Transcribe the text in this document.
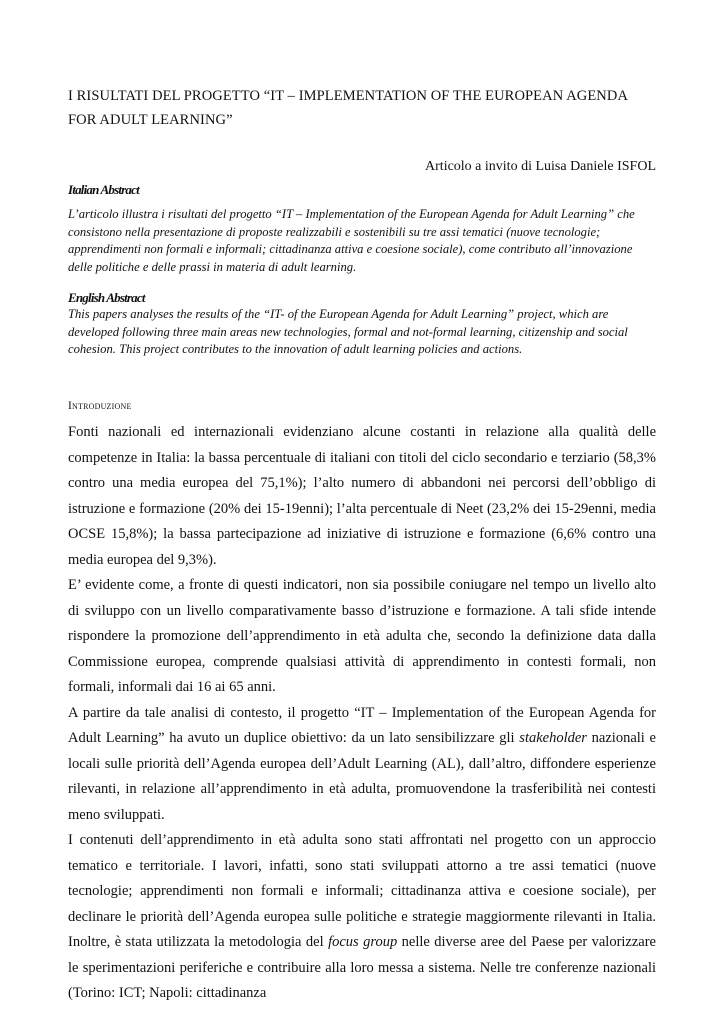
I RISULTATI DEL PROGETTO “IT – IMPLEMENTATION OF THE EUROPEAN AGENDA
FOR ADULT LEARNING”
Articolo a invito di Luisa Daniele ISFOL
Italian Abstract
L’articolo illustra i risultati del progetto “IT – Implementation of the European Agenda for Adult Learning” che consistono nella presentazione di proposte realizzabili e sostenibili su tre assi tematici (nuove tecnologie; apprendimenti non formali e informali; cittadinanza attiva e coesione sociale), come contributo all’innovazione delle politiche e delle prassi in materia di adult learning.
English Abstract
This papers analyses the results of the “IT- of the European Agenda for Adult Learning” project, which are developed following three main areas new technologies, formal and not-formal learning, citizenship and social cohesion. This project contributes to the innovation of adult learning policies and actions.
Introduzione

Fonti nazionali ed internazionali evidenziano alcune costanti in relazione alla qualità delle competenze in Italia: la bassa percentuale di italiani con titoli del ciclo secondario e terziario (58,3% contro una media europea del 75,1%); l’alto numero di abbandoni nei percorsi dell’obbligo di istruzione e formazione (20% dei 15-19enni); l’alta percentuale di Neet (23,2% dei 15-29enni, media OCSE 15,8%); la bassa partecipazione ad iniziative di istruzione e formazione (6,6% contro una media europea del 9,3%).

E’ evidente come, a fronte di questi indicatori, non sia possibile coniugare nel tempo un livello alto di sviluppo con un livello comparativamente basso d’istruzione e formazione. A tali sfide intende rispondere la promozione dell’apprendimento in età adulta che, secondo la definizione data dalla Commissione europea, comprende qualsiasi attività di apprendimento in contesti formali, non formali, informali dai 16 ai 65 anni.

A partire da tale analisi di contesto, il progetto “IT – Implementation of the European Agenda for Adult Learning” ha avuto un duplice obiettivo: da un lato sensibilizzare gli stakeholder nazionali e locali sulle priorità dell’Agenda europea dell’Adult Learning (AL), dall’altro, diffondere esperienze rilevanti, in relazione all’apprendimento in età adulta, promuovendone la trasferibilità nei contesti meno sviluppati.

I contenuti dell’apprendimento in età adulta sono stati affrontati nel progetto con un approccio tematico e territoriale. I lavori, infatti, sono stati sviluppati attorno a tre assi tematici (nuove tecnologie; apprendimenti non formali e informali; cittadinanza attiva e coesione sociale), per declinare le priorità dell’Agenda europea sulle politiche e strategie maggiormente rilevanti in Italia. Inoltre, è stata utilizzata la metodologia del focus group nelle diverse aree del Paese per valorizzare le sperimentazioni periferiche e contribuire alla loro messa a sistema. Nelle tre conferenze nazionali (Torino: ICT; Napoli: cittadinanza
